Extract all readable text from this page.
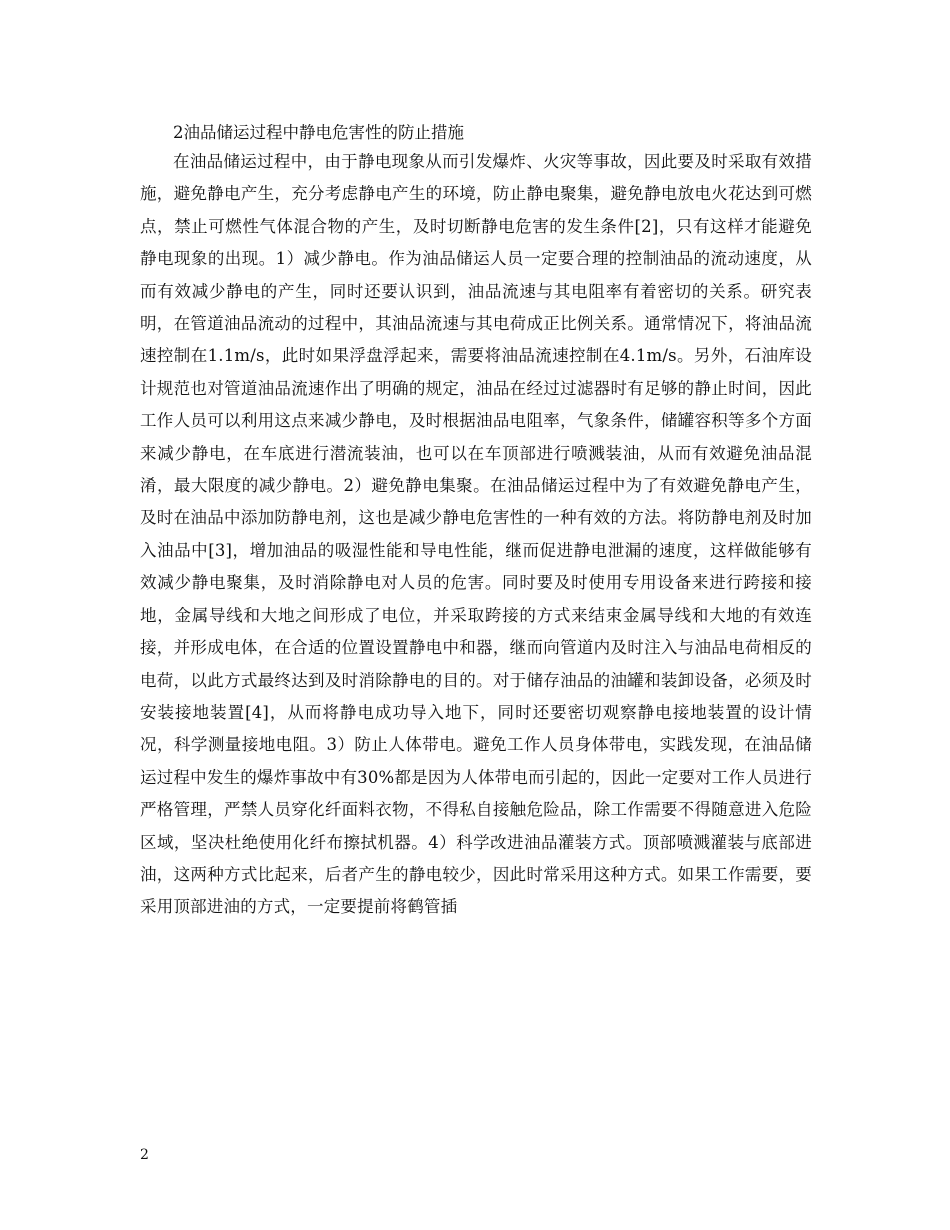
2油品储运过程中静电危害性的防止措施

在油品储运过程中，由于静电现象从而引发爆炸、火灾等事故，因此要及时采取有效措施，避免静电产生，充分考虑静电产生的环境，防止静电聚集，避免静电放电火花达到可燃点，禁止可燃性气体混合物的产生，及时切断静电危害的发生条件[2]，只有这样才能避免静电现象的出现。1）减少静电。作为油品储运人员一定要合理的控制油品的流动速度，从而有效减少静电的产生，同时还要认识到，油品流速与其电阻率有着密切的关系。研究表明，在管道油品流动的过程中，其油品流速与其电荷成正比例关系。通常情况下，将油品流速控制在1.1m/s，此时如果浮盘浮起来，需要将油品流速控制在4.1m/s。另外，石油库设计规范也对管道油品流速作出了明确的规定，油品在经过过滤器时有足够的静止时间，因此工作人员可以利用这点来减少静电，及时根据油品电阻率，气象条件，储罐容积等多个方面来减少静电，在车底进行潜流装油，也可以在车顶部进行喷溅装油，从而有效避免油品混淆，最大限度的减少静电。2）避免静电集聚。在油品储运过程中为了有效避免静电产生，及时在油品中添加防静电剂，这也是减少静电危害性的一种有效的方法。将防静电剂及时加入油品中[3]，增加油品的吸湿性能和导电性能，继而促进静电泄漏的速度，这样做能够有效减少静电聚集，及时消除静电对人员的危害。同时要及时使用专用设备来进行跨接和接地，金属导线和大地之间形成了电位，并采取跨接的方式来结束金属导线和大地的有效连接，并形成电体，在合适的位置设置静电中和器，继而向管道内及时注入与油品电荷相反的电荷，以此方式最终达到及时消除静电的目的。对于储存油品的油罐和装卸设备，必须及时安装接地装置[4]，从而将静电成功导入地下，同时还要密切观察静电接地装置的设计情况，科学测量接地电阻。3）防止人体带电。避免工作人员身体带电，实践发现，在油品储运过程中发生的爆炸事故中有30%都是因为人体带电而引起的，因此一定要对工作人员进行严格管理，严禁人员穿化纤面料衣物，不得私自接触危险品，除工作需要不得随意进入危险区域，坚决杜绝使用化纤布擦拭机器。4）科学改进油品灌装方式。顶部喷溅灌装与底部进油，这两种方式比起来，后者产生的静电较少，因此时常采用这种方式。如果工作需要，要采用顶部进油的方式，一定要提前将鹤管插

2
